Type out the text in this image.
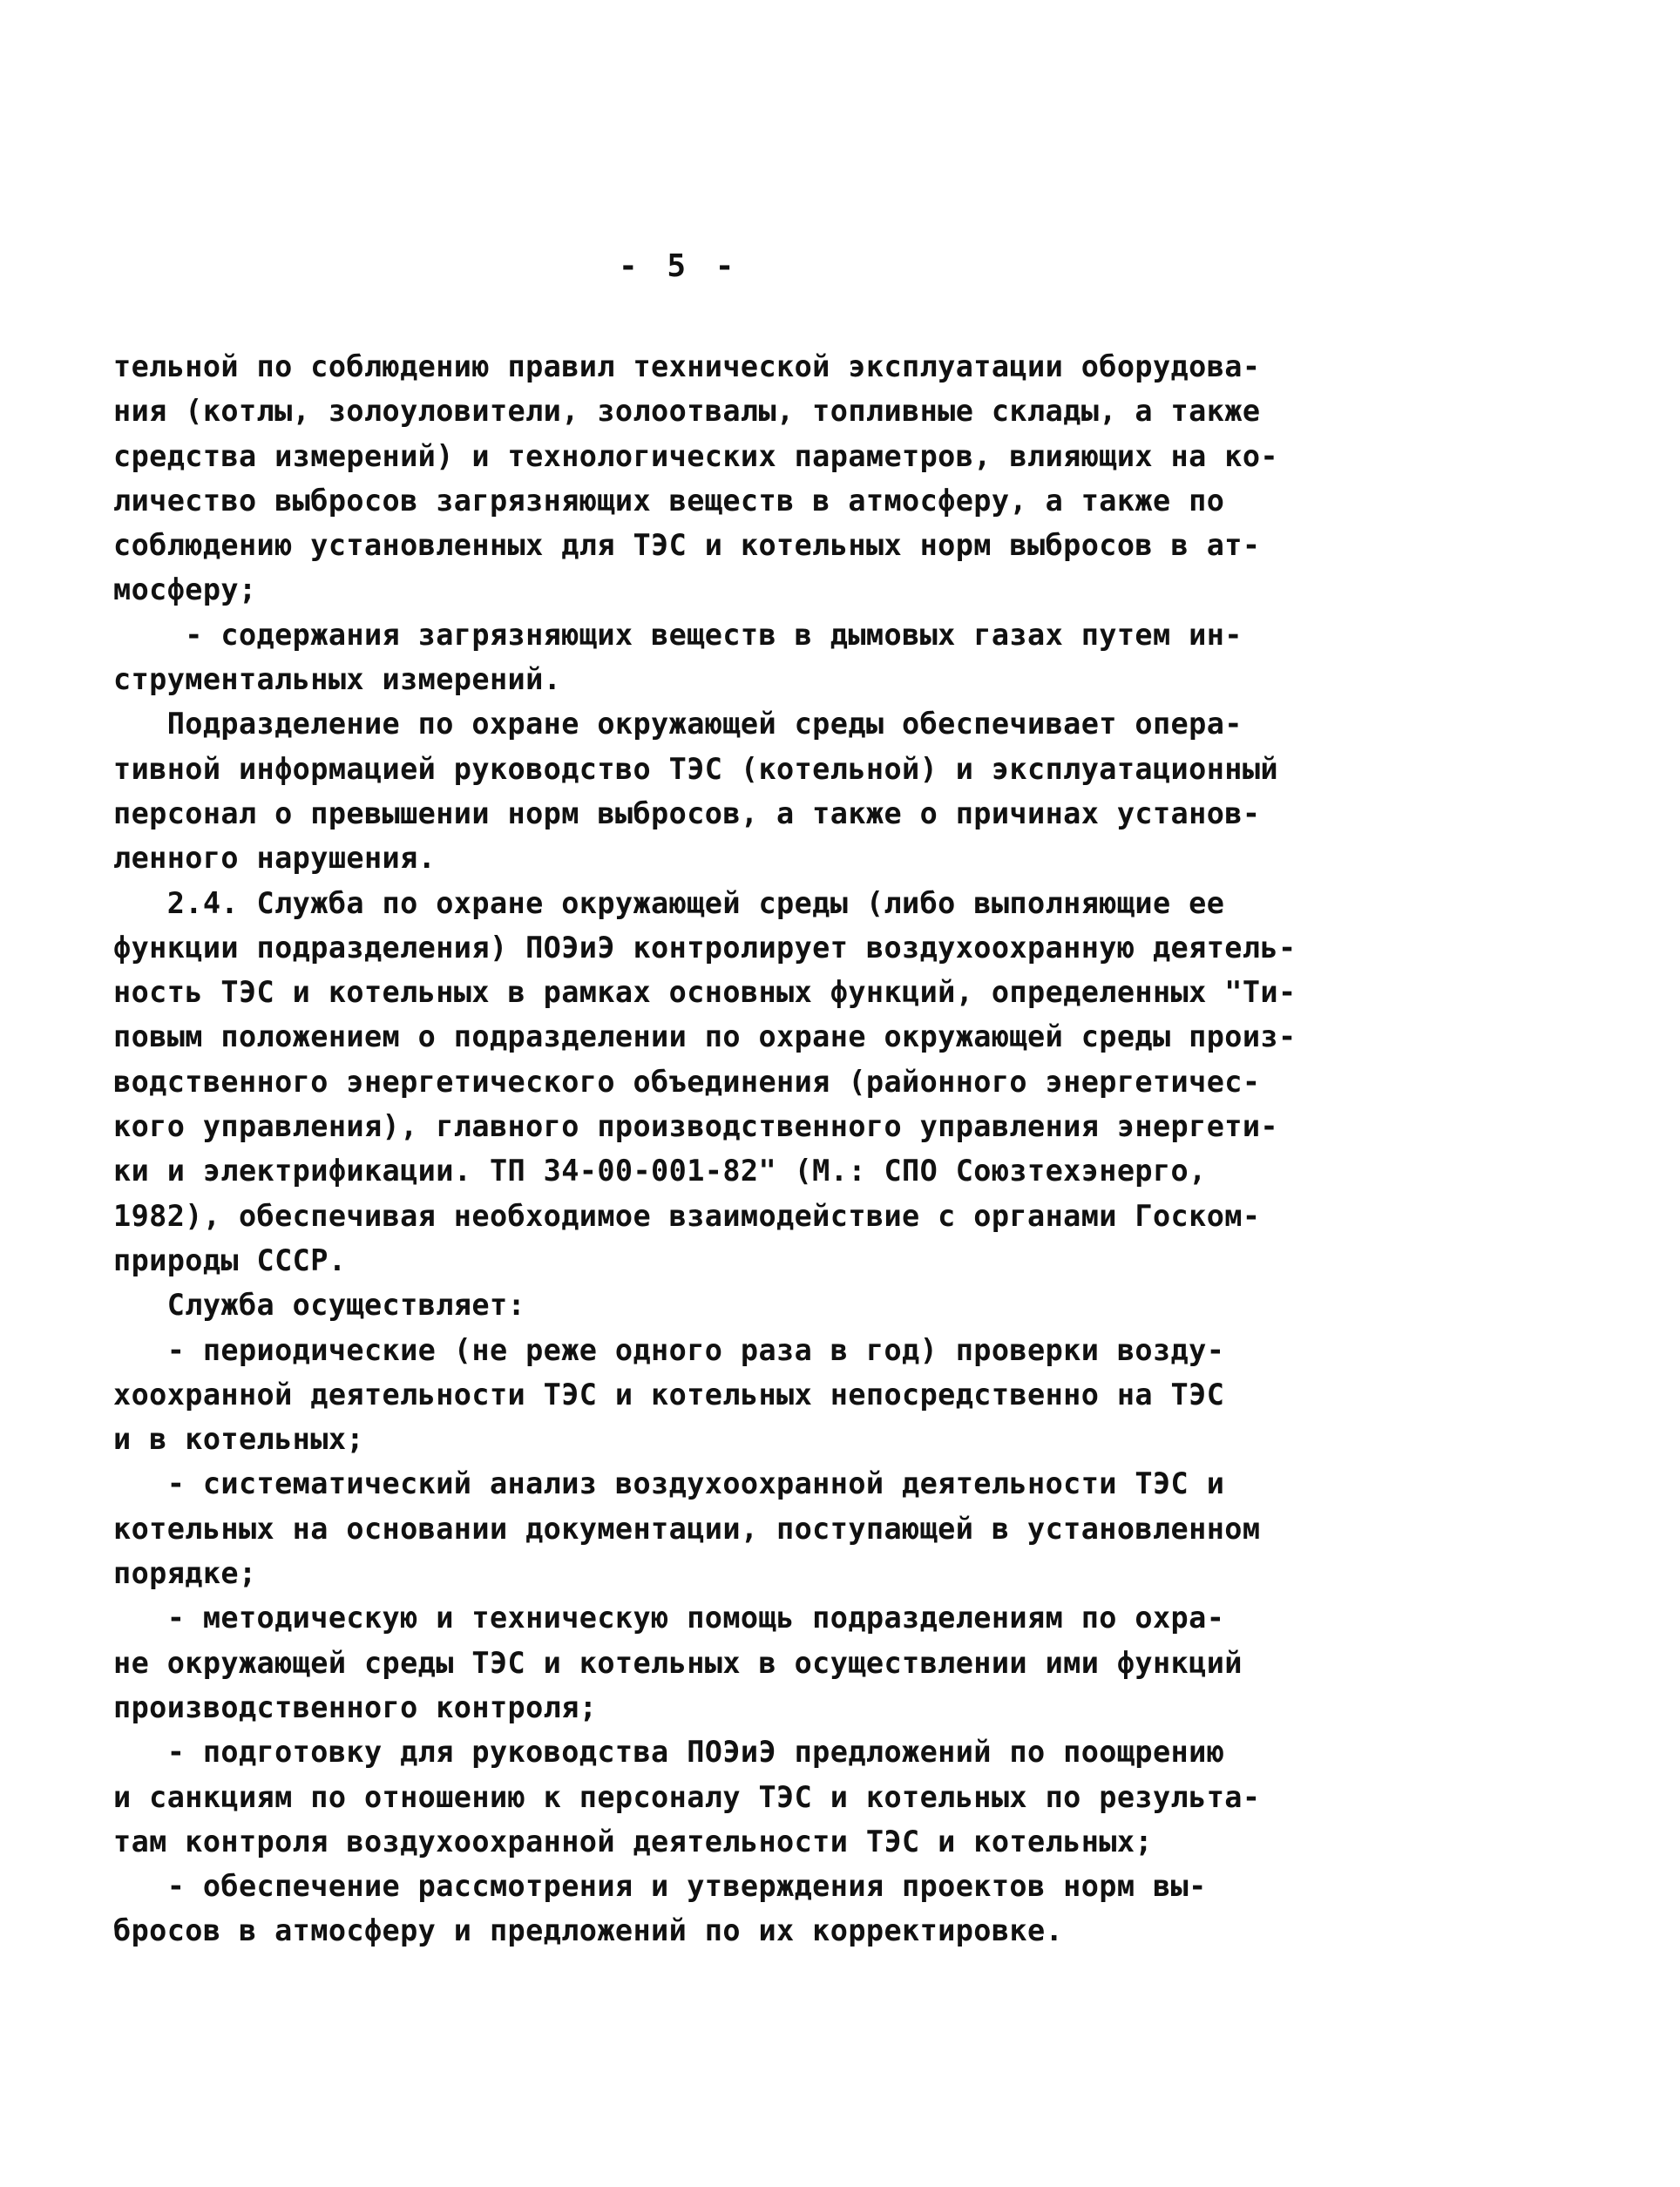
- 5 -
тельной по соблюдению правил технической эксплуатации оборудова-
ния (котлы, золоуловители, золоотвалы, топливные склады, а также
средства измерений) и технологических параметров, влияющих на ко-
личество выбросов загрязняющих веществ в атмосферу, а также по
соблюдению установленных для ТЭС и котельных норм выбросов в ат-
мосферу;
- содержания загрязняющих веществ в дымовых газах путем ин-
струментальных измерений.
Подразделение по охране окружающей среды обеспечивает опера-
тивной информацией руководство ТЭС (котельной) и эксплуатационный
персонал о превышении норм выбросов, а также о причинах установ-
ленного нарушения.
2.4. Служба по охране окружающей среды (либо выполняющие ее
функции подразделения) ПОЭиЭ контролирует воздухоохранную деятель-
ность ТЭС и котельных в рамках основных функций, определенных "Ти-
повым положением о подразделении по охране окружающей среды произ-
водственного энергетического объединения (районного энергетичес-
кого управления), главного производственного управления энергети-
ки и электрификации. ТП 34-00-001-82" (М.: СПО Союзтехэнерго,
1982), обеспечивая необходимое взаимодействие с органами Госком-
природы СССР.
Служба осуществляет:
- периодические (не реже одного раза в год) проверки возду-
хоохранной деятельности ТЭС и котельных непосредственно на ТЭС
и в котельных;
- систематический анализ воздухоохранной деятельности ТЭС и
котельных на основании документации, поступающей в установленном
порядке;
- методическую и техническую помощь подразделениям по охра-
не окружающей среды ТЭС и котельных в осуществлении ими функций
производственного контроля;
- подготовку для руководства ПОЭиЭ предложений по поощрению
и санкциям по отношению к персоналу ТЭС и котельных по результа-
там контроля воздухоохранной деятельности ТЭС и котельных;
- обеспечение рассмотрения и утверждения проектов норм вы-
бросов в атмосферу и предложений по их корректировке.
